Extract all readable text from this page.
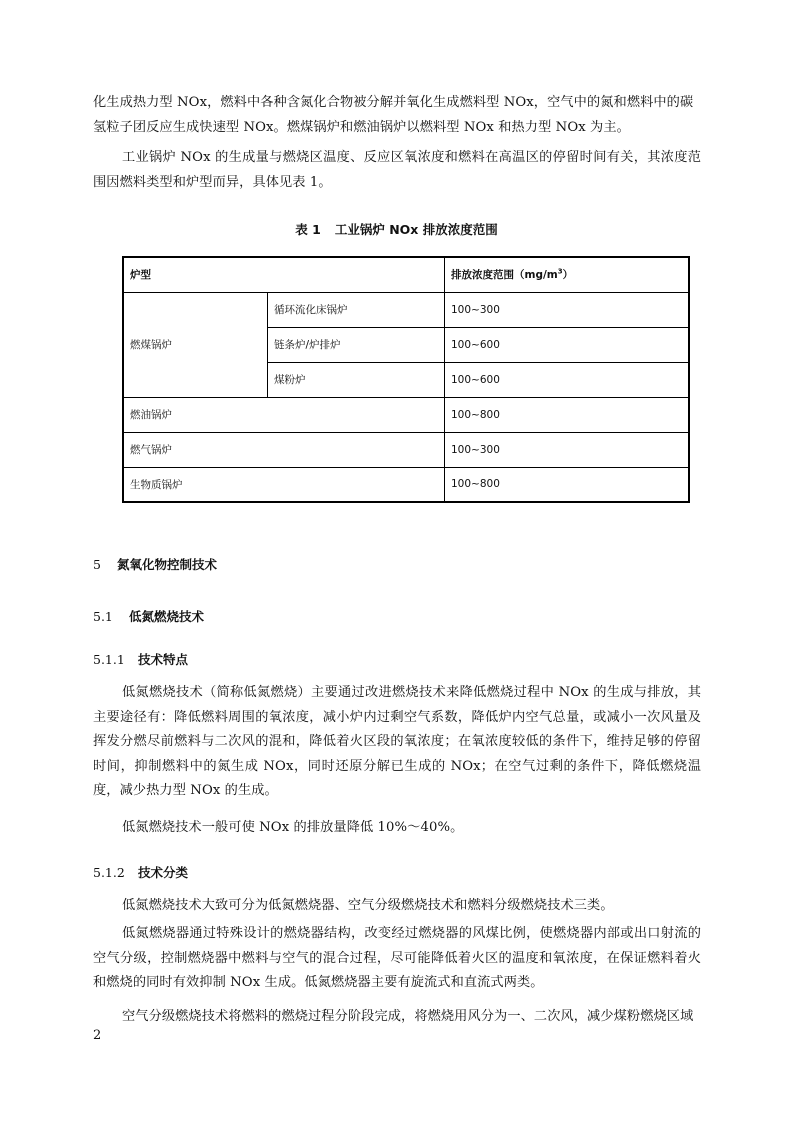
化生成热力型 NOx，燃料中各种含氮化合物被分解并氧化生成燃料型 NOx，空气中的氮和燃料中的碳

氢粒子团反应生成快速型 NOx。燃煤锅炉和燃油锅炉以燃料型 NOx 和热力型 NOx 为主。

工业锅炉 NOx 的生成量与燃烧区温度、反应区氧浓度和燃料在高温区的停留时间有关，其浓度范围因燃料类型和炉型而异，具体见表 1。

表 1 工业锅炉 NOx 排放浓度范围
炉型		排放浓度范围$(mg/m^3)$
燃煤锅炉	循环流化床锅炉	100~300
	链条炉/炉排炉	100~600
	煤粉炉	100~600
燃油锅炉		100~800
燃气锅炉		100~300
生物质锅炉		100~800
5 氮氧化物控制技术
5.1 低氮燃烧技术
5.1.1 技术特点

低氮燃烧技术（简称低氮燃烧）主要通过改进燃烧技术来降低燃烧过程中 NOx 的生成与排放，其主要途径有：降低燃料周围的氧浓度，减小炉内过剩空气系数，降低炉内空气总量，或减小一次风量及挥发分燃尽前燃料与二次风的混和，降低着火区段的氧浓度；在氧浓度较低的条件下，维持足够的停留时间，抑制燃料中的氮生成 NOx，同时还原分解已生成的 NOx；在空气过剩的条件下，降低燃烧温度，减少热力型 NOx 的生成。

低氮燃烧技术一般可使 NOx 的排放量降低 10%～40%。

5.1.2 技术分类

低氮燃烧技术大致可分为低氮燃烧器、空气分级燃烧技术和燃料分级燃烧技术三类。

低氮燃烧器通过特殊设计的燃烧器结构，改变经过燃烧器的风煤比例，使燃烧器内部或出口射流的空气分级，控制燃烧器中燃料与空气的混合过程，尽可能降低着火区的温度和氧浓度，在保证燃料着火和燃烧的同时有效抑制 NOx 生成。低氮燃烧器主要有旋流式和直流式两类。

空气分级燃烧技术将燃料的燃烧过程分阶段完成，将燃烧用风分为一、二次风，减少煤粉燃烧区域

2
